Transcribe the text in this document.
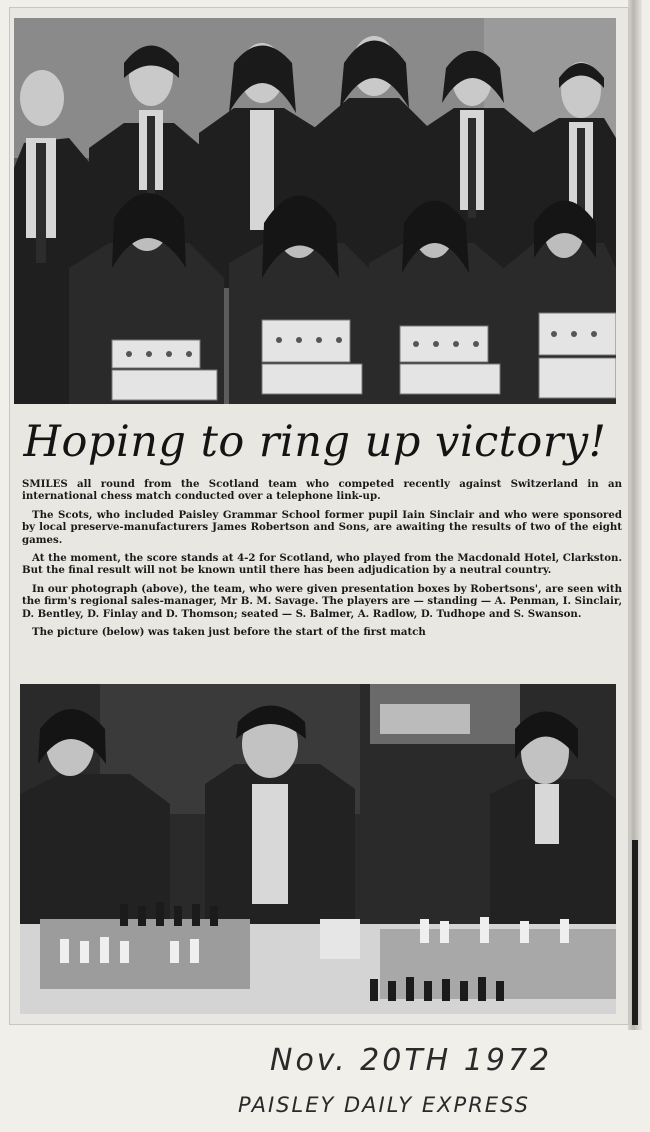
Hoping to ring up victory!

SMILES all round from the Scotland team who competed recently against Switzerland in an international chess match conducted over a telephone link-up.

The Scots, who included Paisley Grammar School former pupil Iain Sinclair and who were sponsored by local preserve-manufacturers James Robertson and Sons, are awaiting the results of two of the eight games.

At the moment, the score stands at 4-2 for Scotland, who played from the Macdonald Hotel, Clarkston. But the final result will not be known until there has been adjudication by a neutral country.

In our photograph (above), the team, who were given presentation boxes by Robertsons', are seen with the firm's regional sales-manager, Mr B. M. Savage. The players are — standing — A. Penman, I. Sinclair, D. Bentley, D. Finlay and D. Thomson; seated — S. Balmer, A. Radlow, D. Tudhope and S. Swanson.

The picture (below) was taken just before the start of the first match

Nov. 20TH 1972
PAISLEY DAILY EXPRESS
